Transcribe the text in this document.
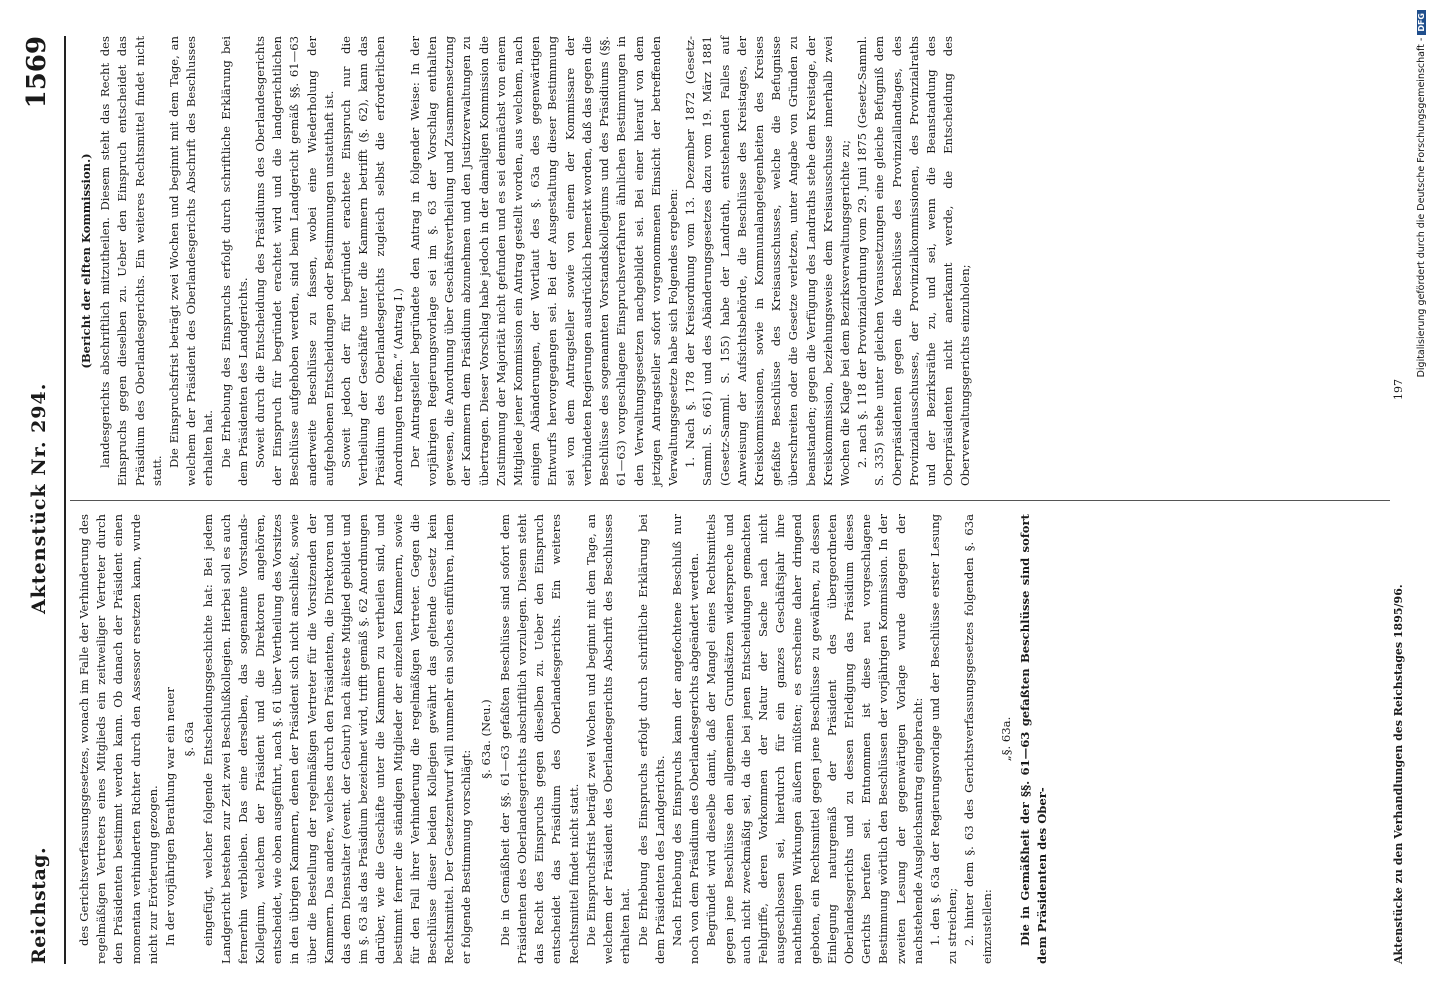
Reichstag.
Aktenstück Nr. 294.
1569

des Gerichtsverfassungsgesetzes, wonach im Falle der Verhinderung des regelmäßigen Vertreters eines Mitglieds ein zeitweiliger Vertreter durch den Präsidenten bestimmt werden kann. Ob danach der Präsident einen momentan verhinderten Richter durch den Assessor ersetzen kann, wurde nicht zur Erörterung gezogen. In der vorjährigen Berathung war ein neuer §. 63a eingefügt, welcher folgende Entscheidungsgeschichte hat: Bei jedem Landgericht bestehen zur Zeit zwei Beschlußkollegien. Hierbei soll es auch fernerhin verbleiben. Das eine derselben, das sogenannte Vorstands-Kollegium, welchem der Präsident und die Direktoren angehören, entscheidet, wie oben ausgeführt, nach §. 61 über Vertheilung des Vorsitzes in den übrigen Kammern, denen der Präsident sich nicht anschließt, sowie über die Bestellung der regelmäßigen Vertreter für die Vorsitzenden der Kammern. Das andere, welches durch den Präsidenten, die Direktoren und das dem Dienstalter (event. der Geburt) nach älteste Mitglied gebildet und im §. 63 als das Präsidium bezeichnet wird, trifft gemäß §. 62 Anordnungen darüber, wie die Geschäfte unter die Kammern zu vertheilen sind, und bestimmt ferner die ständigen Mitglieder der einzelnen Kammern, sowie für den Fall ihrer Verhinderung die regelmäßigen Vertreter. Gegen die Beschlüsse dieser beiden Kollegien gewährt das geltende Gesetz kein Rechtsmittel. Der Gesetzentwurf will nunmehr ein solches einführen, indem er folgende Bestimmung vorschlägt:

§. 63a. (Neu.) Die in Gemäßheit der §§. 61—63 gefaßten Beschlüsse sind sofort dem Präsidenten des Oberlandesgerichts abschriftlich vorzulegen. Diesem steht das Recht des Einspruchs gegen dieselben zu. Ueber den Einspruch entscheidet das Präsidium des Oberlandesgerichts. Ein weiteres Rechtsmittel findet nicht statt. Die Einspruchsfrist beträgt zwei Wochen und beginnt mit dem Tage, an welchem der Präsident des Oberlandesgerichts Abschrift des Beschlusses erhalten hat. Die Erhebung des Einspruchs erfolgt durch schriftliche Erklärung bei dem Präsidenten des Landgerichts. Nach Erhebung des Einspruchs kann der angefochtene Beschluß nur noch von dem Präsidium des Oberlandesgerichts abgeändert werden. Begründet wird dieselbe damit, daß der Mangel eines Rechtsmittels gegen jene Beschlüsse den allgemeinen Grundsätzen widerspreche und auch nicht zweckmäßig sei, da die bei jenen Entscheidungen gemachten Fehlgriffe, deren Vorkommen der Natur der Sache nach nicht ausgeschlossen sei, hierdurch für ein ganzes Geschäftsjahr ihre nachtheiligen Wirkungen äußern müßten; es erscheine daher dringend geboten, ein Rechtsmittel gegen jene Beschlüsse zu gewähren, zu dessen Einlegung naturgemäß der Präsident des übergeordneten Oberlandesgerichts und zu dessen Erledigung das Präsidium dieses Gerichts berufen sei. Entnommen ist diese neu vorgeschlagene Bestimmung wörtlich den Beschlüssen der vorjährigen Kommission. In der zweiten Lesung der gegenwärtigen Vorlage wurde dagegen der nachstehende Ausgleichsantrag eingebracht: 1. den §. 63a der Regierungsvorlage und der Beschlüsse erster Lesung zu streichen; 2. hinter dem §. 63 des Gerichtsverfassungsgesetzes folgenden §. 63a einzustellen:

„§. 63a. Die in Gemäßheit der §§. 61—63 gefaßten Beschlüsse sind sofort dem Präsidenten des Ober-

(Bericht der elften Kommission.) landesgerichts abschriftlich mitzutheilen. Diesem steht das Recht des Einspruchs gegen dieselben zu. Ueber den Einspruch entscheidet das Präsidium des Oberlandesgerichts. Ein weiteres Rechtsmittel findet nicht statt.

Die Einspruchsfrist beträgt zwei Wochen und beginnt mit dem Tage, an welchem der Präsident des Oberlandesgerichts Abschrift des Beschlusses erhalten hat. Die Erhebung des Einspruchs erfolgt durch schriftliche Erklärung bei dem Präsidenten des Landgerichts. Soweit durch die Entscheidung des Präsidiums des Oberlandesgerichts der Einspruch für begründet erachtet wird und die landgerichtlichen Beschlüsse aufgehoben werden, sind beim Landgericht gemäß §§. 61—63 anderweite Beschlüsse zu fassen, wobei eine Wiederholung der aufgehobenen Entscheidungen oder Bestimmungen unstatthaft ist. Soweit jedoch der für begründet erachtete Einspruch nur die Vertheilung der Geschäfte unter die Kammern betrifft (§. 62), kann das Präsidium des Oberlandesgerichts zugleich selbst die erforderlichen Anordnungen treffen.“ (Antrag I.) Der Antragsteller begründete den Antrag in folgender Weise: In der vorjährigen Regierungsvorlage sei im §. 63 der Vorschlag enthalten gewesen, die Anordnung über Geschäftsvertheilung und Zusammensetzung der Kammern dem Präsidium abzunehmen und den Justizverwaltungen zu übertragen. Dieser Vorschlag habe jedoch in der damaligen Kommission die Zustimmung der Majorität nicht gefunden und es sei demnächst von einem Mitgliede jener Kommission ein Antrag gestellt worden, aus welchem, nach einigen Abänderungen, der Wortlaut des §. 63a des gegenwärtigen Entwurfs hervorgegangen sei. Bei der Ausgestaltung dieser Bestimmung sei von dem Antragsteller sowie von einem der Kommissare der verbündeten Regierungen ausdrücklich bemerkt worden, daß das gegen die Beschlüsse des sogenannten Vorstandskollegiums und des Präsidiums (§§. 61—63) vorgeschlagene Einspruchsverfahren ähnlichen Bestimmungen in den Verwaltungsgesetzen nachgebildet sei. Bei einer hierauf von dem jetzigen Antragsteller sofort vorgenommenen Einsicht der betreffenden Verwaltungsgesetze habe sich Folgendes ergeben: 1. Nach §. 178 der Kreisordnung vom 13. Dezember 1872 (Gesetz-Samml. S. 661) und des Abänderungsgesetzes dazu vom 19. März 1881 (Gesetz-Samml. S. 155) habe der Landrath, entstehenden Falles auf Anweisung der Aufsichtsbehörde, die Beschlüsse des Kreistages, der Kreiskommissionen, sowie in Kommunalangelegenheiten des Kreises gefaßte Beschlüsse des Kreisausschusses, welche die Befugnisse überschreiten oder die Gesetze verletzen, unter Angabe von Gründen zu beanstanden; gegen die Verfügung des Landraths stehe dem Kreistage, der Kreiskommission, beziehungsweise dem Kreisausschusse innerhalb zwei Wochen die Klage bei dem Bezirksverwaltungsgerichte zu; 2. nach §. 118 der Provinzialordnung vom 29. Juni 1875 (Gesetz-Samml. S. 335) stehe unter gleichen Voraussetzungen eine gleiche Befugniß dem Oberpräsidenten gegen die Beschlüsse des Provinziallandtages, des Provinzialausschusses, der Provinzialkommissionen, des Provinzialraths und der Bezirksräthe zu, und sei, wenn die Beanstandung des Oberpräsidenten nicht anerkannt werde, die Entscheidung des Oberverwaltungsgerichts einzuholen;

Aktenstücke zu den Verhandlungen des Reichstages 1895/96.
197
Digitalisierung gefördert durch die Deutsche Forschungsgemeinschaft -DFG
